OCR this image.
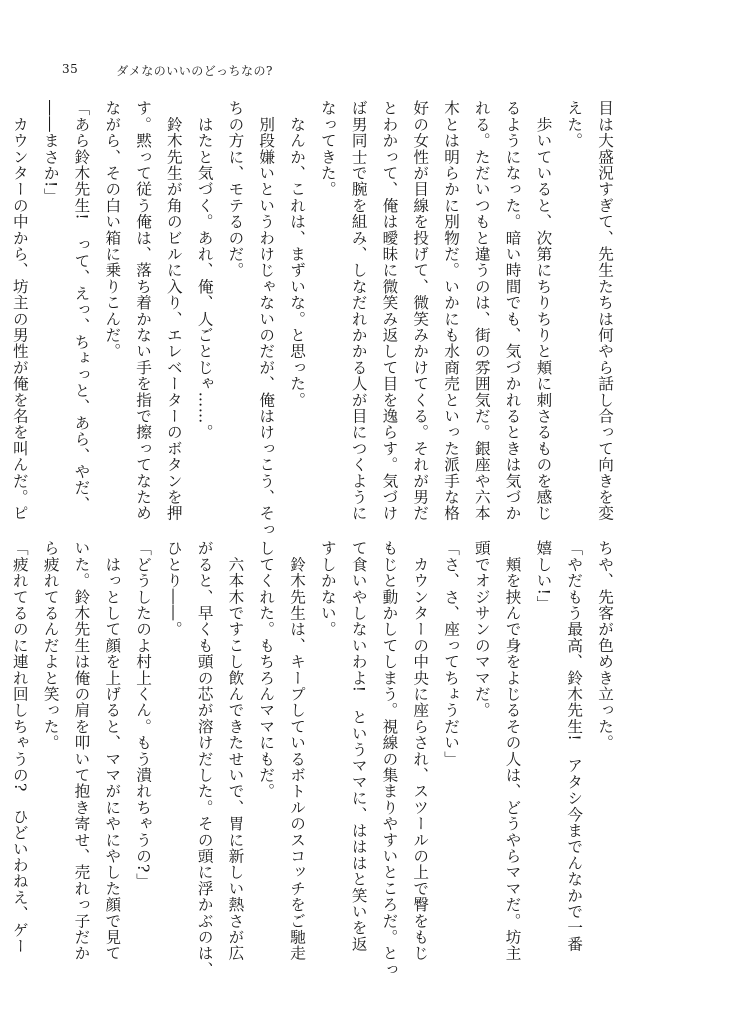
35	ダメなのいいのどっちなの?
目は大盛況すぎて、先生たちは何やら話し合って向きを変
えた。
　歩いていると、次第にちりちりと頬に刺さるものを感じ
るようになった。暗い時間でも、気づかれるときは気づか
れる。ただいつもと違うのは、街の雰囲気だ。銀座や六本
木とは明らかに別物だ。いかにも水商売といった派手な格
好の女性が目線を投げて、微笑みかけてくる。それが男だ
とわかって、俺は曖昧に微笑み返して目を逸らす。気づけ
ば男同士で腕を組み、しなだれかかる人が目につくように
なってきた。
　なんか、これは、まずいな。と思った。
　別段嫌いというわけじゃないのだが、俺はけっこう、そっ
ちの方に、モテるのだ。
　はたと気づく。あれ、俺、人ごとじゃ……。
　鈴木先生が角のビルに入り、エレベーターのボタンを押
す。黙って従う俺は、落ち着かない手を指で擦ってなため
ながら、その白い箱に乗りこんだ。
「あら鈴木先生!　って、えっ、ちょっと、あら、やだ、
――まさか!」
　カウンターの中から、坊主の男性が俺を名を叫んだ。ピ
ちや、先客が色めき立った。
「やだもう最高、鈴木先生!　アタシ今までんなかで一番
嬉しい!」
　頬を挟んで身をよじるその人は、どうやらママだ。坊主
頭でオジサンのママだ。
「さ、さ、座ってちょうだい」
　カウンターの中央に座らされ、スツールの上で臀をもじ
もじと動かしてしまう。視線の集まりやすいところだ。とっ
て食いやしないわよ!　というママに、はははと笑いを返
すしかない。
　鈴木先生は、キープしているボトルのスコッチをご馳走
してくれた。もちろんママにもだ。
　六本木ですこし飲んできたせいで、胃に新しい熱さが広
がると、早くも頭の芯が溶けだした。その頭に浮かぶのは、
ひとり――。
「どうしたのよ村上くん。もう潰れちゃうの?」
　はっとして顔を上げると、ママがにやにやした顔で見て
いた。鈴木先生は俺の肩を叩いて抱き寄せ、売れっ子だか
ら疲れてるんだよと笑った。
「疲れてるのに連れ回しちゃうの?　ひどいわねえ、ゲー
